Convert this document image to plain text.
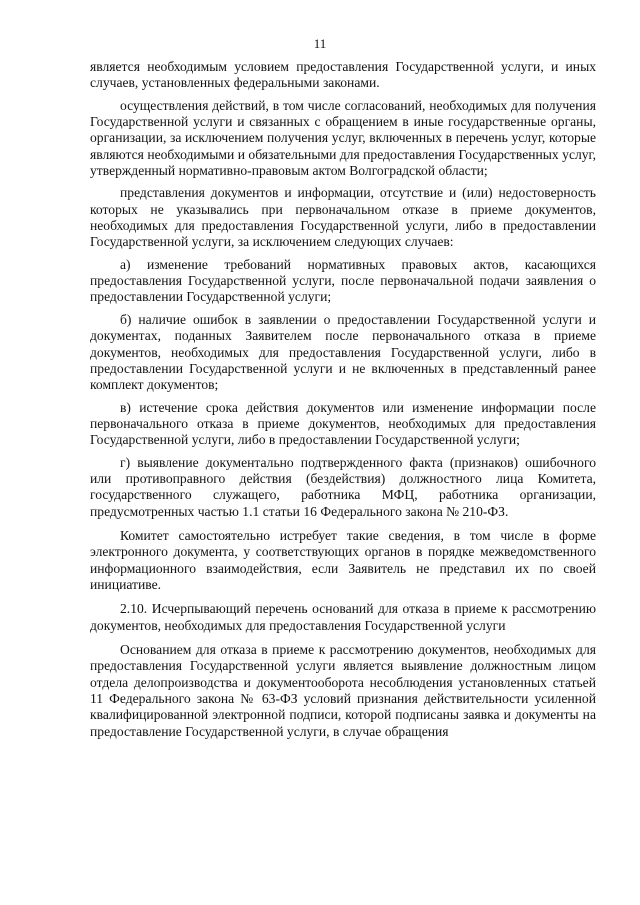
11

является необходимым условием предоставления Государственной услуги, и иных случаев, установленных федеральными законами.

осуществления действий, в том числе согласований, необходимых для получения Государственной услуги и связанных с обращением в иные государственные органы, организации, за исключением получения услуг, включенных в перечень услуг, которые являются необходимыми и обязательными для предоставления Государственных услуг, утвержденный нормативно-правовым актом Волгоградской области;

представления документов и информации, отсутствие и (или) недостоверность которых не указывались при первоначальном отказе в приеме документов, необходимых для предоставления Государственной услуги, либо в предоставлении Государственной услуги, за исключением следующих случаев:

а) изменение требований нормативных правовых актов, касающихся предоставления Государственной услуги, после первоначальной подачи заявления о предоставлении Государственной услуги;

б) наличие ошибок в заявлении о предоставлении Государственной услуги и документах, поданных Заявителем после первоначального отказа в приеме документов, необходимых для предоставления Государственной услуги, либо в предоставлении Государственной услуги и не включенных в представленный ранее комплект документов;

в) истечение срока действия документов или изменение информации после первоначального отказа в приеме документов, необходимых для предоставления Государственной услуги, либо в предоставлении Государственной услуги;

г) выявление документально подтвержденного факта (признаков) ошибочного или противоправного действия (бездействия) должностного лица Комитета, государственного служащего, работника МФЦ, работника организации, предусмотренных частью 1.1 статьи 16 Федерального закона № 210-ФЗ.

Комитет самостоятельно истребует такие сведения, в том числе в форме электронного документа, у соответствующих органов в порядке межведомственного информационного взаимодействия, если Заявитель не представил их по своей инициативе.

2.10. Исчерпывающий перечень оснований для отказа в приеме к рассмотрению документов, необходимых для предоставления Государственной услуги

Основанием для отказа в приеме к рассмотрению документов, необходимых для предоставления Государственной услуги является выявление должностным лицом отдела делопроизводства и документооборота несоблюдения установленных статьей 11 Федерального закона № 63-ФЗ условий признания действительности усиленной квалифицированной электронной подписи, которой подписаны заявка и документы на предоставление Государственной услуги, в случае обращения
